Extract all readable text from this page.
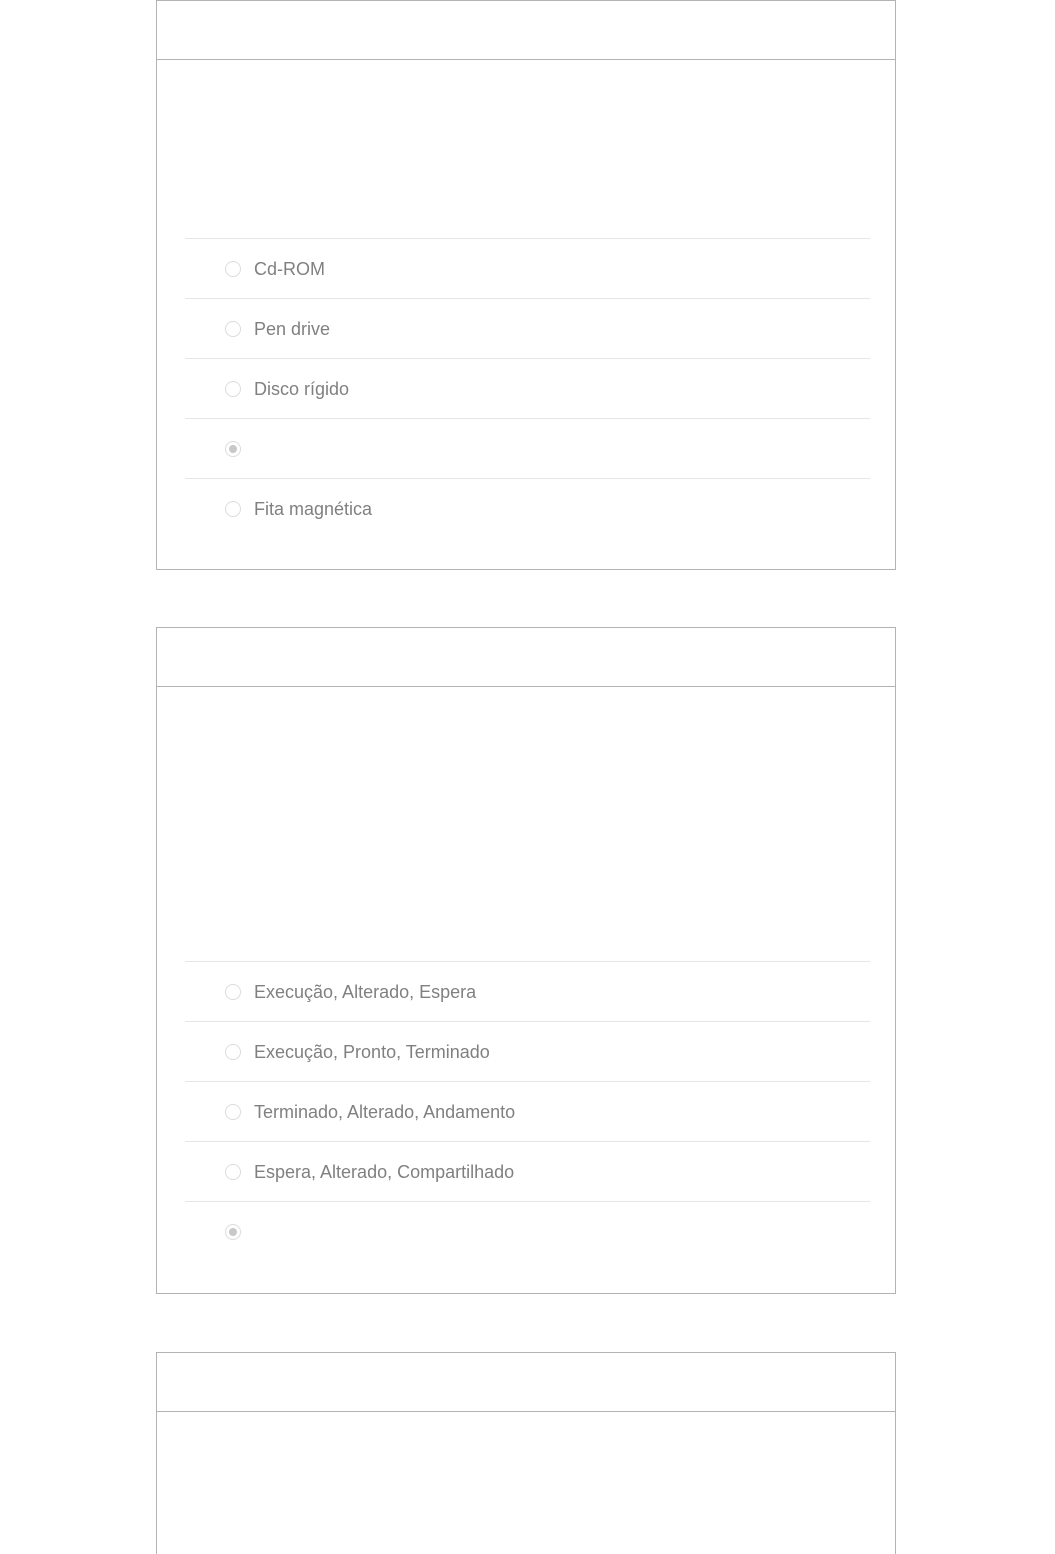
Cd-ROM
Pen drive
Disco rígido
Fita magnética
Execução, Alterado, Espera
Execução, Pronto, Terminado
Terminado, Alterado, Andamento
Espera, Alterado, Compartilhado
